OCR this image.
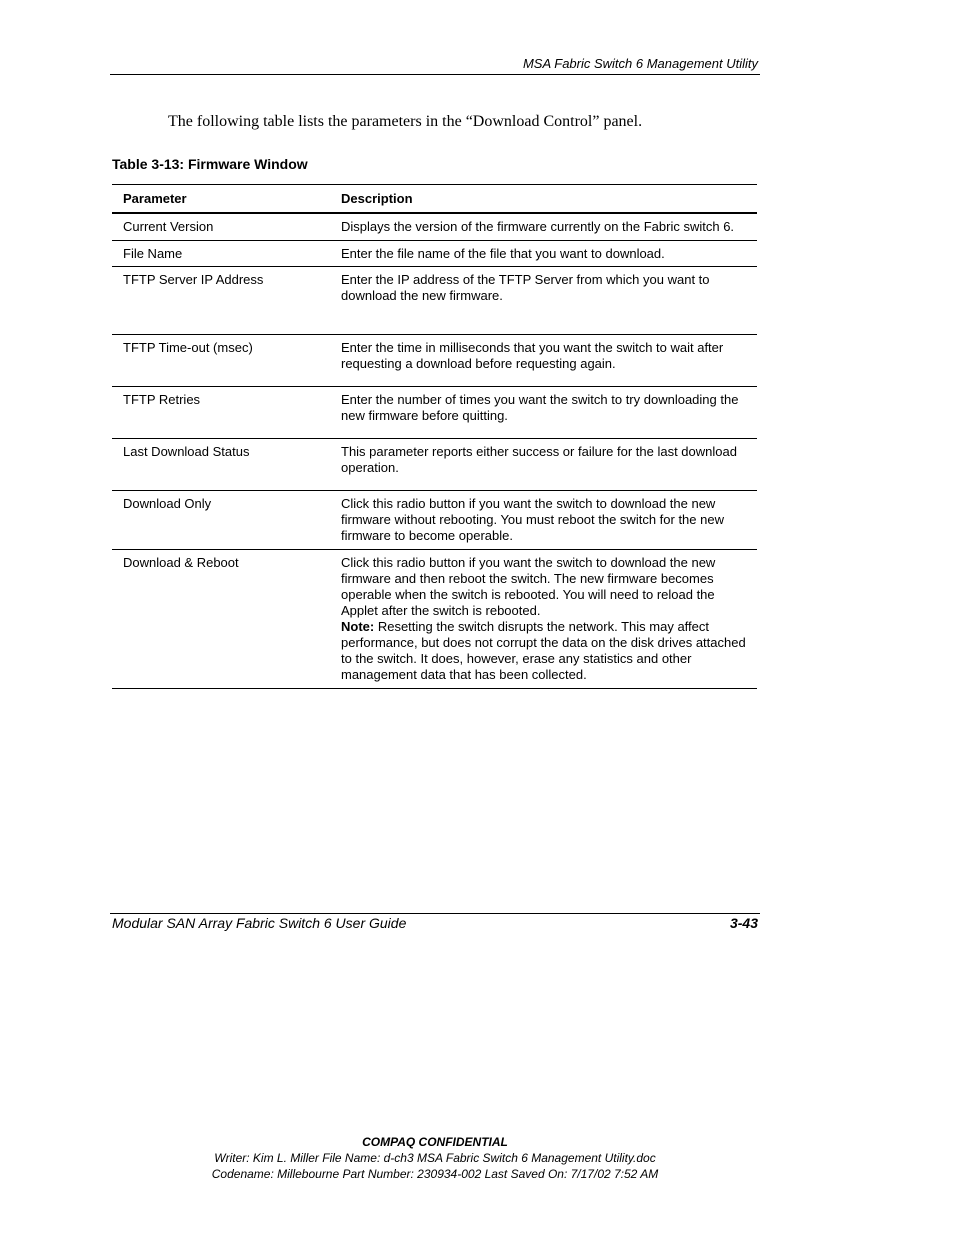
MSA Fabric Switch 6 Management Utility
The following table lists the parameters in the “Download Control” panel.
Table 3-13: Firmware Window
Parameter	Description
Current Version	Displays the version of the firmware currently on the Fabric switch 6.
File Name	Enter the file name of the file that you want to download.
TFTP Server IP Address	Enter the IP address of the TFTP Server from which you want to download the new firmware.
TFTP Time-out (msec)	Enter the time in milliseconds that you want the switch to wait after requesting a download before requesting again.
TFTP Retries	Enter the number of times you want the switch to try downloading the new firmware before quitting.
Last Download Status	This parameter reports either success or failure for the last download operation.
Download Only	Click this radio button if you want the switch to download the new firmware without rebooting. You must reboot the switch for the new firmware to become operable.
Download & Reboot	Click this radio button if you want the switch to download the new firmware and then reboot the switch. The new firmware becomes operable when the switch is rebooted. You will need to reload the Applet after the switch is rebooted.
Note: Resetting the switch disrupts the network. This may affect performance, but does not corrupt the data on the disk drives attached to the switch. It does, however, erase any statistics and other management data that has been collected.
Modular SAN Array Fabric Switch 6 User Guide	3-43
COMPAQ CONFIDENTIAL
Writer: Kim L. Miller File Name: d-ch3 MSA Fabric Switch 6 Management Utility.doc
Codename: Millebourne Part Number: 230934-002 Last Saved On: 7/17/02 7:52 AM
